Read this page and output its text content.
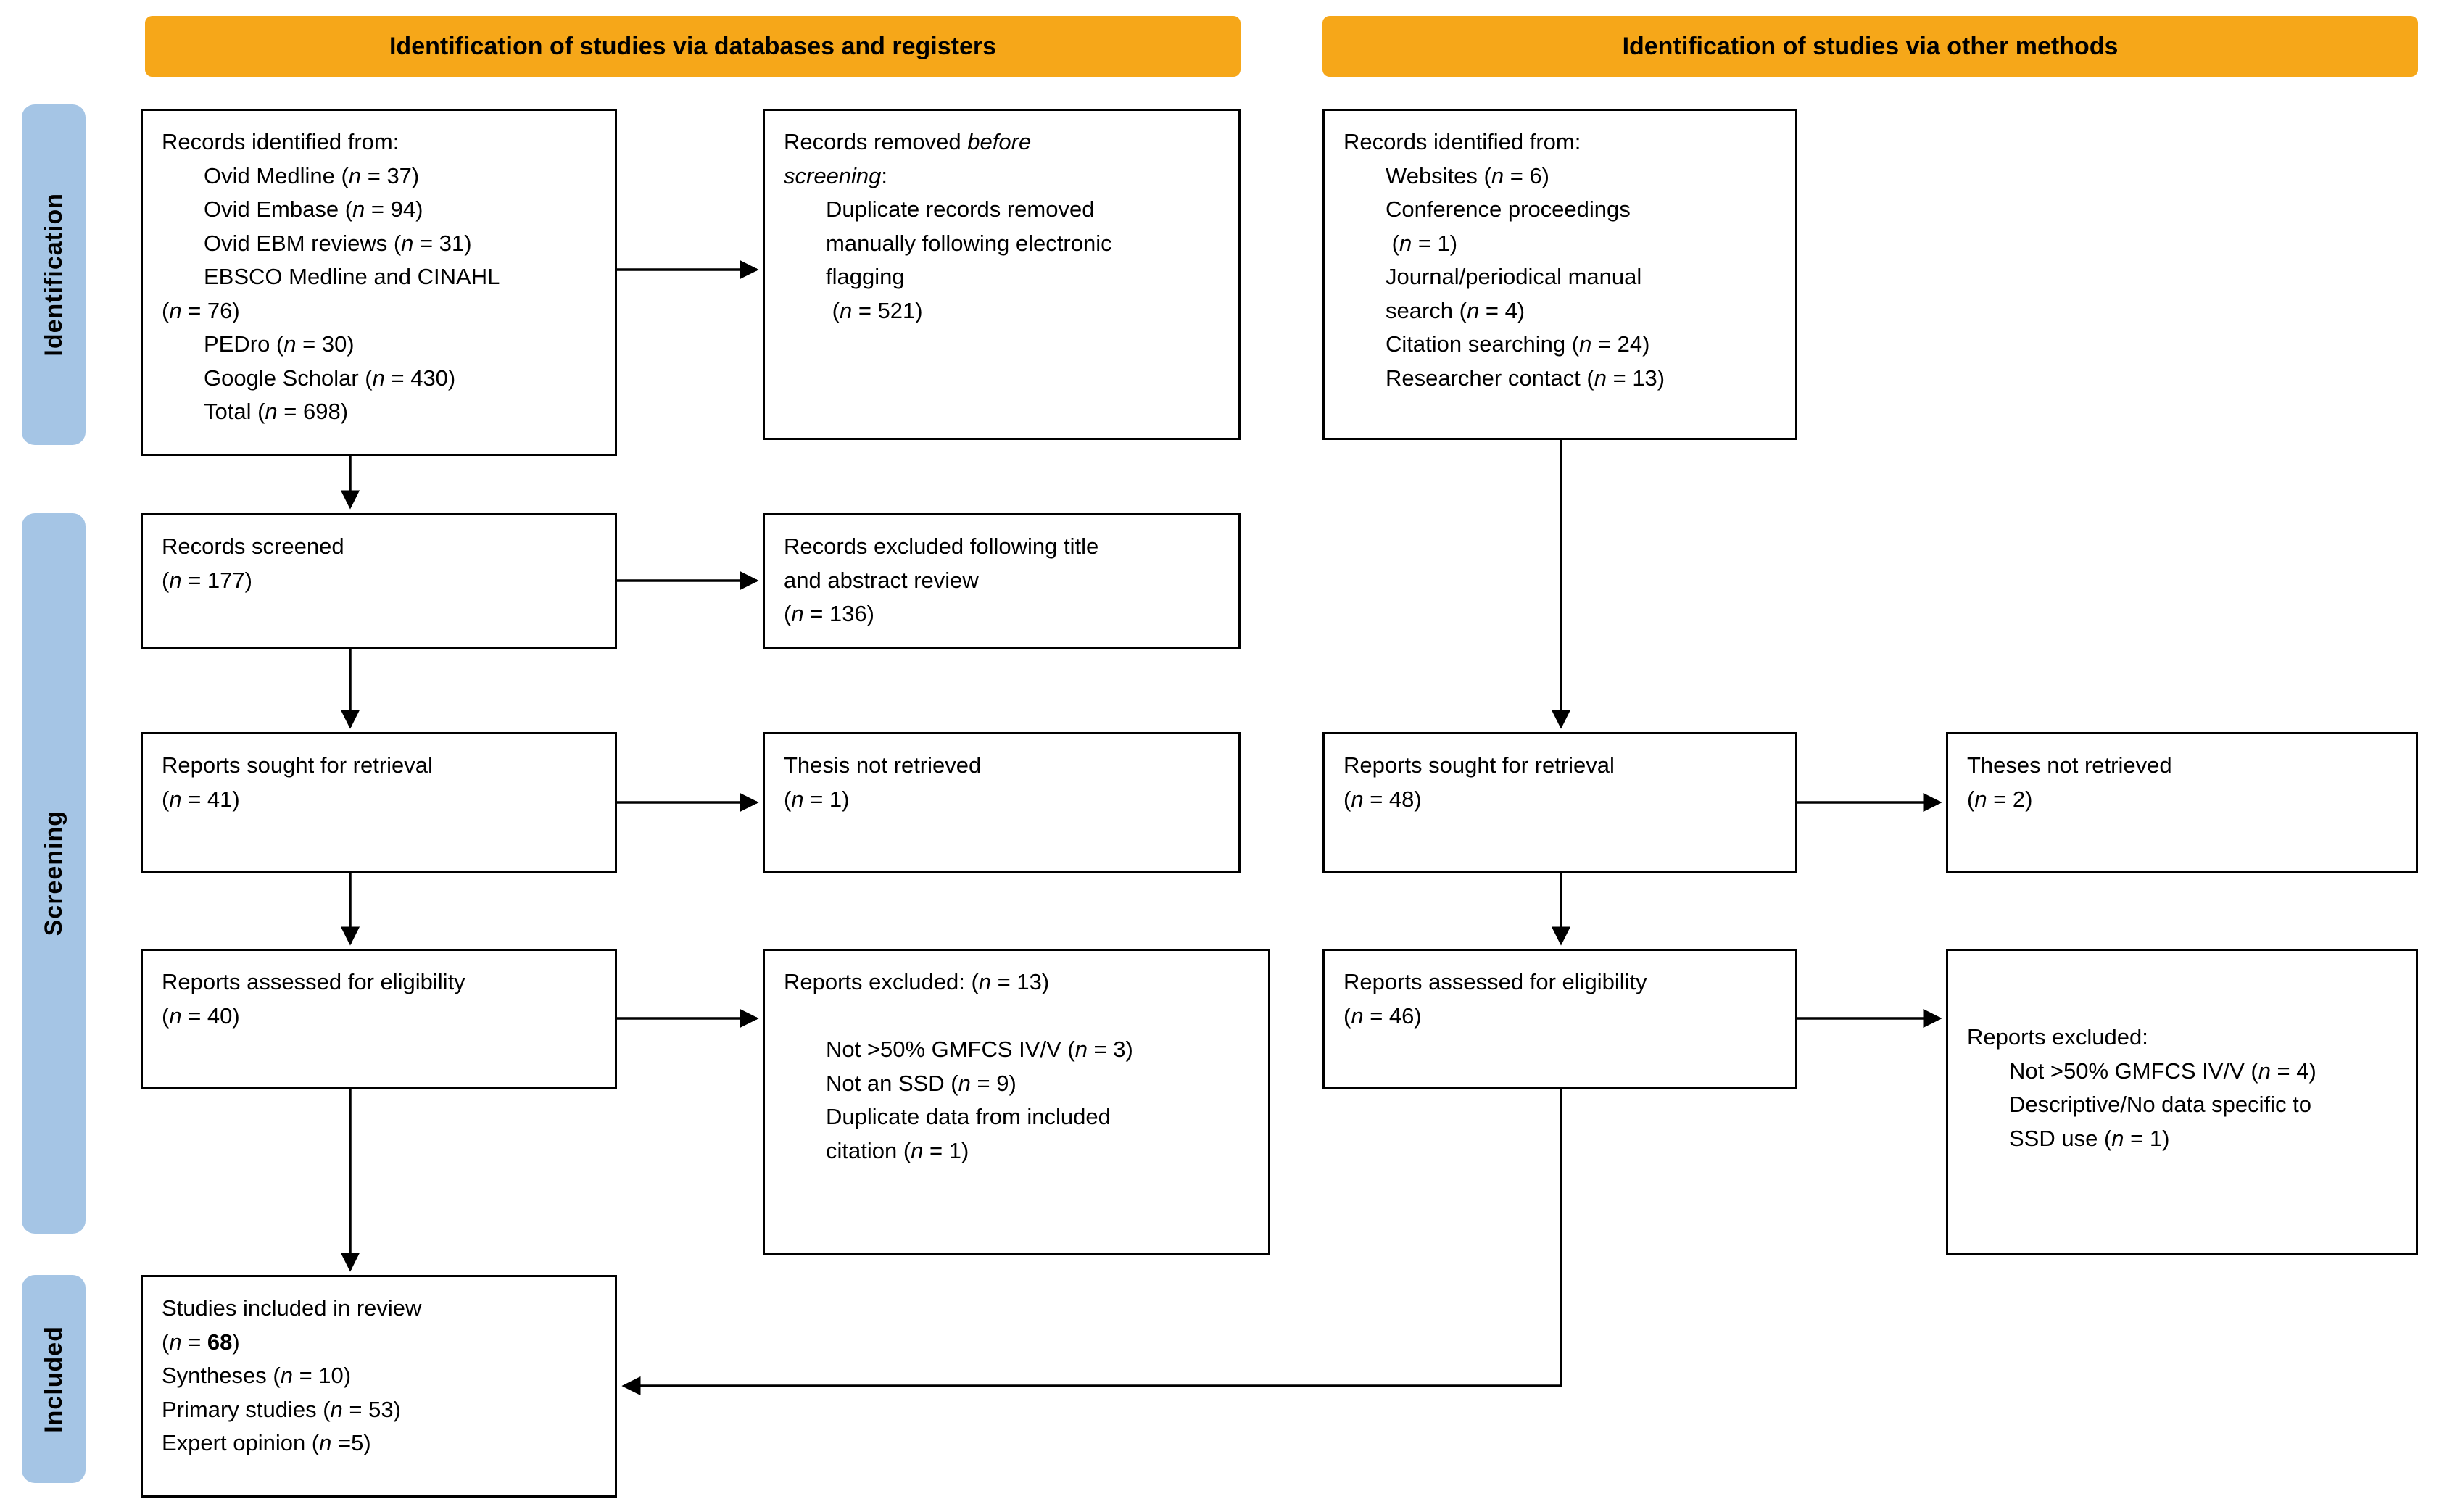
Identification of studies via databases and registers	Identification of studies via other methods
Identification
Screening
Included
Records identified from:
Ovid Medline (n = 37)
Ovid Embase (n = 94)
Ovid EBM reviews (n = 31)
EBSCO Medline and CINAHL
(n = 76)
PEDro (n = 30)
Google Scholar (n = 430)
Total (n = 698)
Records screened
(n = 177)
Reports sought for retrieval
(n = 41)
Reports assessed for eligibility
(n = 40)
Studies included in review
(n = 68)
Syntheses (n = 10)
Primary studies (n = 53)
Expert opinion (n =5)
Records removed before
screening:
Duplicate records removed
manually following electronic
flagging
(n = 521)
Records excluded following title
and abstract review
(n = 136)
Thesis not retrieved
(n = 1)
Reports excluded: (n = 13)

Not >50% GMFCS IV/V (n = 3)
Not an SSD (n = 9)
Duplicate data from included
citation (n = 1)
Records identified from:
Websites (n = 6)
Conference proceedings
(n = 1)
Journal/periodical manual
search (n = 4)
Citation searching (n = 24)
Researcher contact (n = 13)
Reports sought for retrieval
(n = 48)
Reports assessed for eligibility
(n = 46)
Theses not retrieved
(n = 2)
Reports excluded:
Not >50% GMFCS IV/V (n = 4)
Descriptive/No data specific to
SSD use (n = 1)
